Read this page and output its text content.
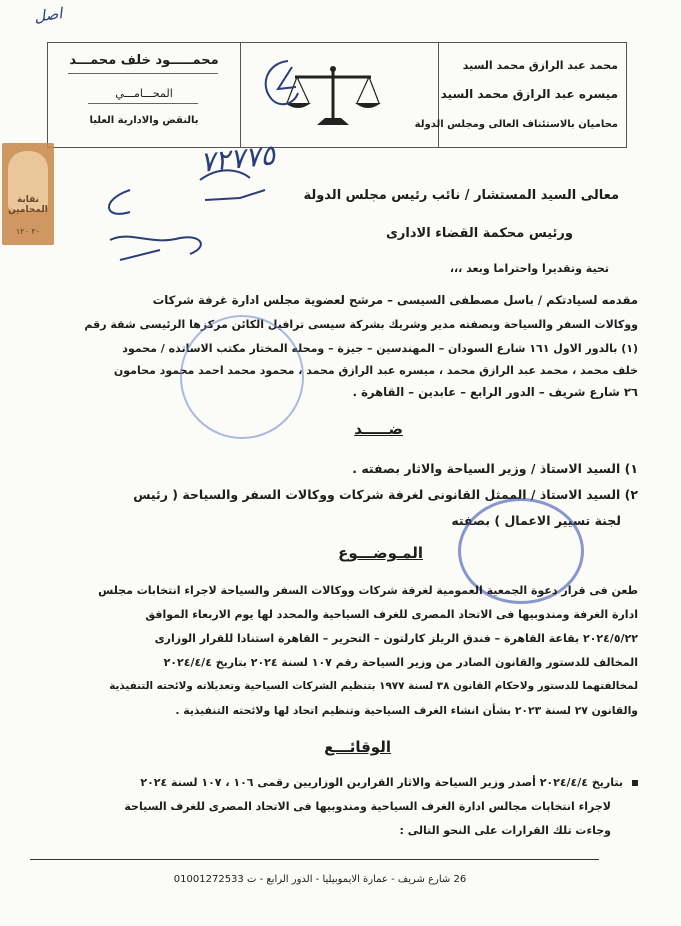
اصل
محمد عبد الرازق محمد السيد
ميسره عبد الرازق محمد السيد
محاميان بالاستئناف العالى ومجلس الدولة
محمـــــود خلف محمـــد
المحـــامـــي
بالنقض والادارية العليا
٧٢٧٧٥
نقابة المحامين
٢٠ ١٢٠
معالى السيد المستشار / نائب رئيس مجلس الدولة
ورئيس محكمة القضاء الادارى
تحية وتقديرا واحتراما وبعد ،،،
مقدمه لسيادتكم / باسل مصطفى السيسى – مرشح لعضوية مجلس ادارة غرفة شركات
ووكالات السفر والسياحة وبصفته مدير وشريك بشركة سيسى ترافيل الكائن مركزها الرئيسى شقة رقم
(١) بالدور الاول ١٦١ شارع السودان – المهندسين – جيزة – ومحله المختار مكتب الاساتذه / محمود
خلف محمد ، محمد عبد الرازق محمد ، ميسره عبد الرازق محمد ، محمود محمد احمد محمود محامون
٢٦ شارع شريف – الدور الرابع – عابدين – القاهرة .
ضـــــد
١) السيد الاستاذ / وزير السياحة والاثار بصفته .
٢) السيد الاستاذ / الممثل القانونى لغرفة شركات ووكالات السفر والسياحة ( رئيس
لجنة تسيير الاعمال ) بصفته
المـوضـــوع
طعن فى قرار دعوة الجمعية العمومية لغرفة شركات ووكالات السفر والسياحة لاجراء انتخابات مجلس
ادارة الغرفة ومندوبيها فى الاتحاد المصرى للغرف السياحية والمحدد لها يوم الاربعاء الموافق
٢٠٢٤/٥/٢٢ بقاعة القاهرة – فندق الريلز كارلتون – التحرير – القاهرة استنادا للقرار الوزارى
المخالف للدستور والقانون الصادر من وزير السياحة رقم ١٠٧ لسنة ٢٠٢٤ بتاريخ ٢٠٢٤/٤/٤
لمخالفتهما للدستور ولاحكام القانون ٣٨ لسنة ١٩٧٧ بتنظيم الشركات السياحية وتعديلاته ولائحته التنفيذية
والقانون ٢٧ لسنة ٢٠٢٣ بشأن انشاء الغرف السياحية وتنظيم اتحاد لها ولائحته التنفيذية .
الوقائـــع
بتاريخ ٢٠٢٤/٤/٤ أصدر وزير السياحة والاثار القرارين الوزاريين رقمى ١٠٦ ، ١٠٧ لسنة ٢٠٢٤
لاجراء انتخابات مجالس ادارة الغرف السياحية ومندوبيها فى الاتحاد المصرى للغرف السياحة
وجاءت تلك القرارات على النحو التالى :
26 شارع شريف - عمارة الايموبيليا - الدور الرابع - ت 01001272533
